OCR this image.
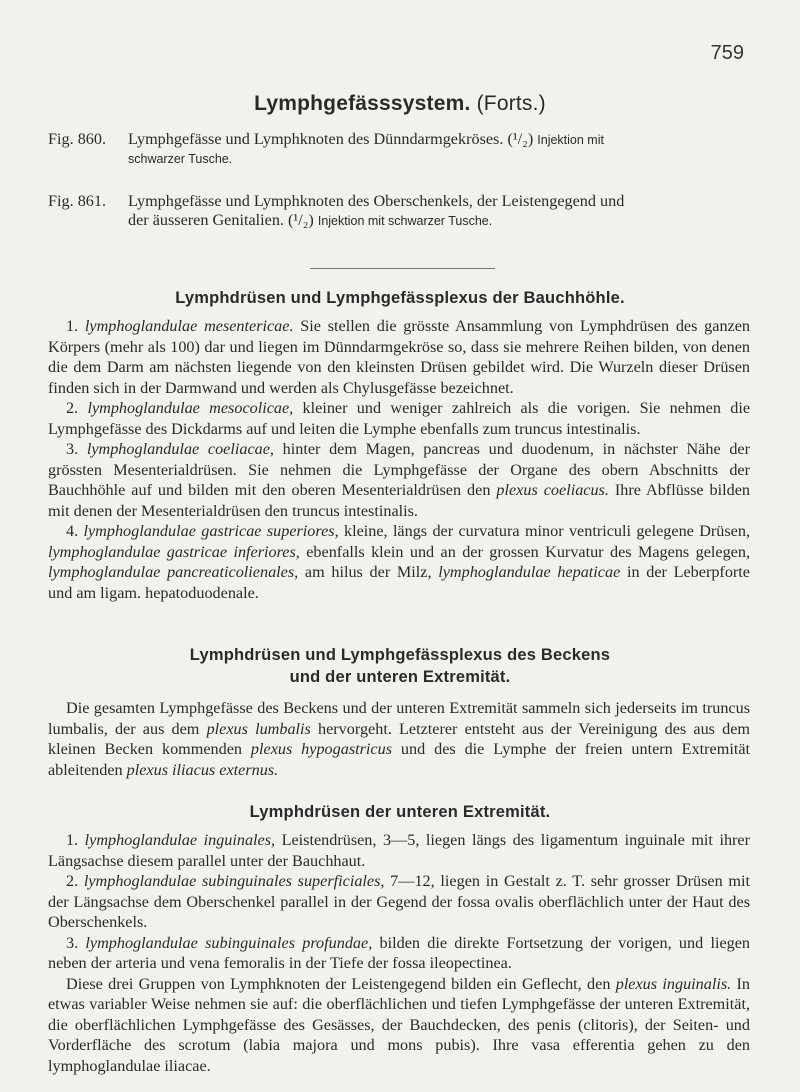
759
Lymphgefässsystem. (Forts.)
Fig. 860. Lymphgefässe und Lymphknoten des Dünndarmgekröses. (¹/₂) Injektion mit
schwarzer Tusche.
Fig. 861. Lymphgefässe und Lymphknoten des Oberschenkels, der Leistengegend und
der äusseren Genitalien. (¹/₂) Injektion mit schwarzer Tusche.
Lymphdrüsen und Lymphgefässplexus der Bauchhöhle.

1. lymphoglandulae mesentericae. Sie stellen die grösste Ansammlung von Lymphdrüsen des ganzen Körpers (mehr als 100) dar und liegen im Dünndarmgekröse so, dass sie mehrere Reihen bilden, von denen die dem Darm am nächsten liegende von den kleinsten Drüsen gebildet wird. Die Wurzeln dieser Drüsen finden sich in der Darmwand und werden als Chylusgefässe bezeichnet.

2. lymphoglandulae mesocolicae, kleiner und weniger zahlreich als die vorigen. Sie nehmen die Lymphgefässe des Dickdarms auf und leiten die Lymphe ebenfalls zum truncus intestinalis.

3. lymphoglandulae coeliacae, hinter dem Magen, pancreas und duodenum, in nächster Nähe der grössten Mesenterialdrüsen. Sie nehmen die Lymphgefässe der Organe des obern Abschnitts der Bauchhöhle auf und bilden mit den oberen Mesenterialdrüsen den plexus coeliacus. Ihre Abflüsse bilden mit denen der Mesenterialdrüsen den truncus intestinalis.

4. lymphoglandulae gastricae superiores, kleine, längs der curvatura minor ventriculi gelegene Drüsen, lymphoglandulae gastricae inferiores, ebenfalls klein und an der grossen Kurvatur des Magens gelegen, lymphoglandulae pancreaticolienales, am hilus der Milz, lymphoglandulae hepaticae in der Leberpforte und am ligam. hepatoduodenale.

Lymphdrüsen und Lymphgefässplexus des Beckens
und der unteren Extremität.

Die gesamten Lymphgefässe des Beckens und der unteren Extremität sammeln sich jederseits im truncus lumbalis, der aus dem plexus lumbalis hervorgeht. Letzterer entsteht aus der Vereinigung des aus dem kleinen Becken kommenden plexus hypogastricus und des die Lymphe der freien untern Extremität ableitenden plexus iliacus externus.

Lymphdrüsen der unteren Extremität.

1. lymphoglandulae inguinales, Leistendrüsen, 3—5, liegen längs des ligamentum inguinale mit ihrer Längsachse diesem parallel unter der Bauchhaut.

2. lymphoglandulae subinguinales superficiales, 7—12, liegen in Gestalt z. T. sehr grosser Drüsen mit der Längsachse dem Oberschenkel parallel in der Gegend der fossa ovalis oberflächlich unter der Haut des Oberschenkels.

3. lymphoglandulae subinguinales profundae, bilden die direkte Fortsetzung der vorigen, und liegen neben der arteria und vena femoralis in der Tiefe der fossa ileopectinea.

Diese drei Gruppen von Lymphknoten der Leistengegend bilden ein Geflecht, den plexus inguinalis. In etwas variabler Weise nehmen sie auf: die oberflächlichen und tiefen Lymphgefässe der unteren Extremität, die oberflächlichen Lymphgefässe des Gesässes, der Bauchdecken, des penis (clitoris), der Seiten- und Vorderfläche des scrotum (labia majora und mons pubis). Ihre vasa efferentia gehen zu den lymphoglandulae iliacae.
